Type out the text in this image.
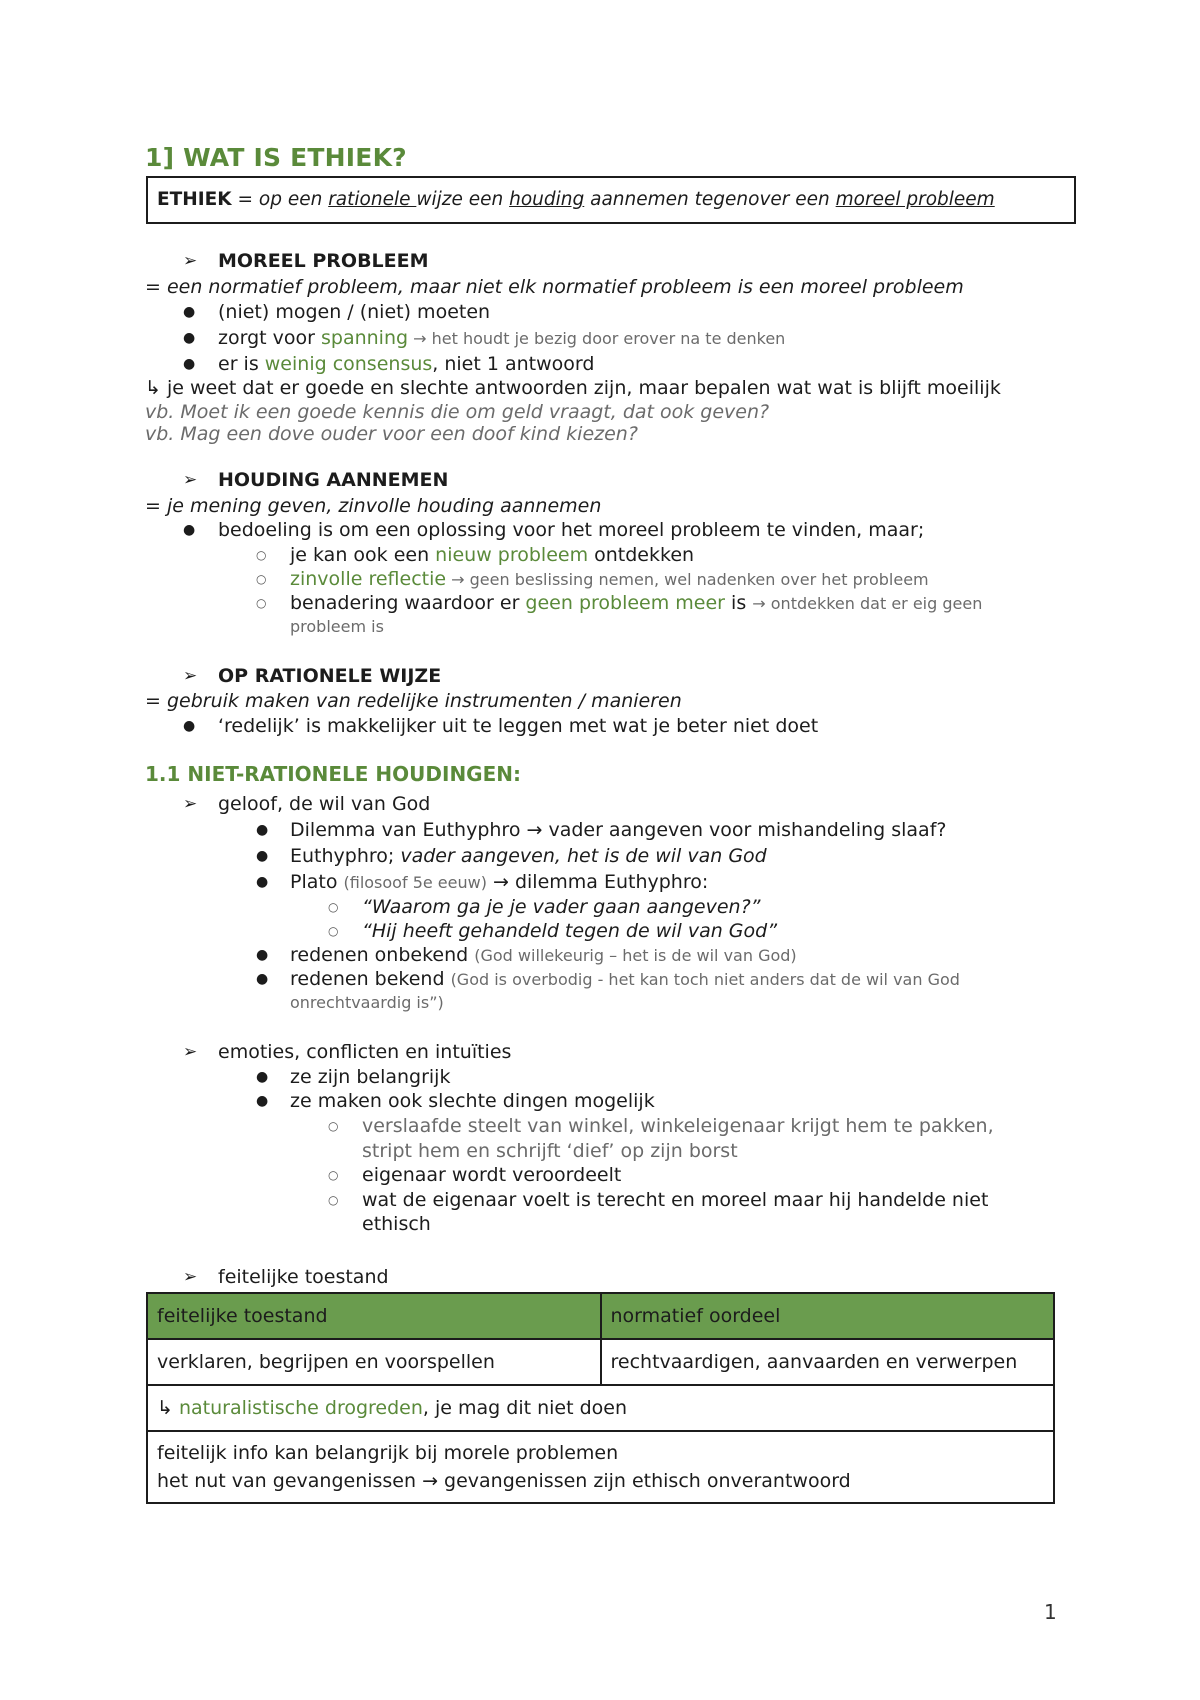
1] WAT IS ETHIEK?
ETHIEK = op een rationele wijze een houding aannemen tegenover een moreel probleem
➢ MOREEL PROBLEEM
= een normatief probleem, maar niet elk normatief probleem is een moreel probleem
● (niet) mogen / (niet) moeten
● zorgt voor spanning → het houdt je bezig door erover na te denken
● er is weinig consensus, niet 1 antwoord
↳ je weet dat er goede en slechte antwoorden zijn, maar bepalen wat wat is blijft moeilijk
vb. Moet ik een goede kennis die om geld vraagt, dat ook geven?
vb. Mag een dove ouder voor een doof kind kiezen?
➢ HOUDING AANNEMEN
= je mening geven, zinvolle houding aannemen
● bedoeling is om een oplossing voor het moreel probleem te vinden, maar;
○ je kan ook een nieuw probleem ontdekken
○ zinvolle reflectie → geen beslissing nemen, wel nadenken over het probleem
○ benadering waardoor er geen probleem meer is → ontdekken dat er eig geen
probleem is
➢ OP RATIONELE WIJZE
= gebruik maken van redelijke instrumenten / manieren
● ‘redelijk’ is makkelijker uit te leggen met wat je beter niet doet
1.1 NIET-RATIONELE HOUDINGEN:
➢ geloof, de wil van God
● Dilemma van Euthyphro → vader aangeven voor mishandeling slaaf?
● Euthyphro; vader aangeven, het is de wil van God
● Plato (filosoof 5e eeuw) → dilemma Euthyphro:
○ “Waarom ga je je vader gaan aangeven?”
○ “Hij heeft gehandeld tegen de wil van God”
● redenen onbekend (God willekeurig – het is de wil van God)
● redenen bekend (God is overbodig - het kan toch niet anders dat de wil van God
onrechtvaardig is”)
➢ emoties, conflicten en intuïties
● ze zijn belangrijk
● ze maken ook slechte dingen mogelijk
○ verslaafde steelt van winkel, winkeleigenaar krijgt hem te pakken,
stript hem en schrijft ‘dief’ op zijn borst
○ eigenaar wordt veroordeelt
○ wat de eigenaar voelt is terecht en moreel maar hij handelde niet
ethisch
➢ feitelijke toestand
feitelijke toestand	normatief oordeel
verklaren, begrijpen en voorspellen	rechtvaardigen, aanvaarden en verwerpen
↳ naturalistische drogreden, je mag dit niet doen	

feitelijk info kan belangrijk bij morele problemen
het nut van gevangenissen → gevangenissen zijn ethisch onverantwoord	
1
